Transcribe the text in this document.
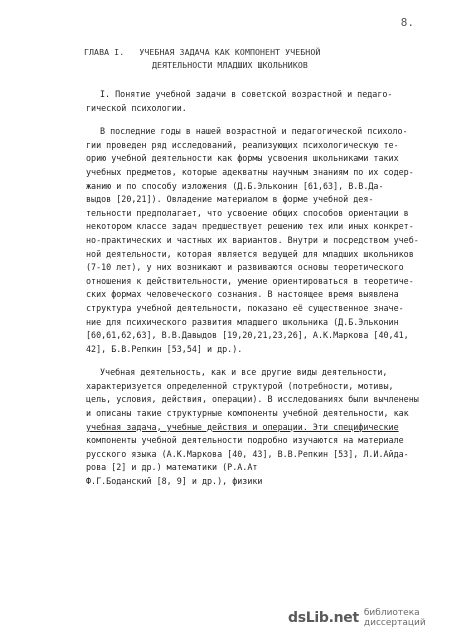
8.
ГЛАВА I. УЧЕБНАЯ ЗАДАЧА КАК КОМПОНЕНТ УЧЕБНОЙ
ДЕЯТЕЛЬНОСТИ МЛАДШИХ ШКОЛЬНИКОВ
I. Понятие учебной задачи в советской возрастной и педаго-
гической психологии.
В последние годы в нашей возрастной и педагогической психоло-
гии проведен ряд исследований, реализующих психологическую те-
орию учебной деятельности как формы усвоения школьниками таких
учебных предметов, которые адекватны научным знаниям по их содер-
жанию и по способу изложения (Д.Б.Эльконин [61,63], В.В.Да-
выдов [20,21]). Овладение материалом в форме учебной дея-
тельности предполагает, что усвоение общих способов ориентации в
некотором классе задач предшествует решению тех или иных конкрет-
но-практических и частных их вариантов. Внутри и посредством учеб-
ной деятельности, которая является ведущей для младших школьников
(7-10 лет), у них возникают и развиваются основы теоретического
отношения к действительности, умение ориентироваться в теоретиче-
ских формах человеческого сознания. В настоящее время выявлена
структура учебной деятельности, показано её существенное значе-
ние для психического развития младшего школьника (Д.Б.Эльконин
[60,61,62,63], В.В.Давыдов [19,20,21,23,26], А.К.Маркова [40,41,
42], Б.В.Репкин [53,54] и др.).
Учебная деятельность, как и все другие виды деятельности,
характеризуется определенной структурой (потребности, мотивы,
цель, условия, действия, операции). В исследованиях были вычленены
и описаны такие структурные компоненты учебной деятельности, как
учебная задача, учебные действия и операции. Эти специфические
компоненты учебной деятельности подробно изучаются на материале
русского языка (А.К.Маркова [40, 43], В.В.Репкин [53], Л.И.Айда-
рова [2] и др.) математики (Р.А.Ат
Ф.Г.Боданский [8, 9] и др.), физики
dsLib.net библиотека диссертаций
